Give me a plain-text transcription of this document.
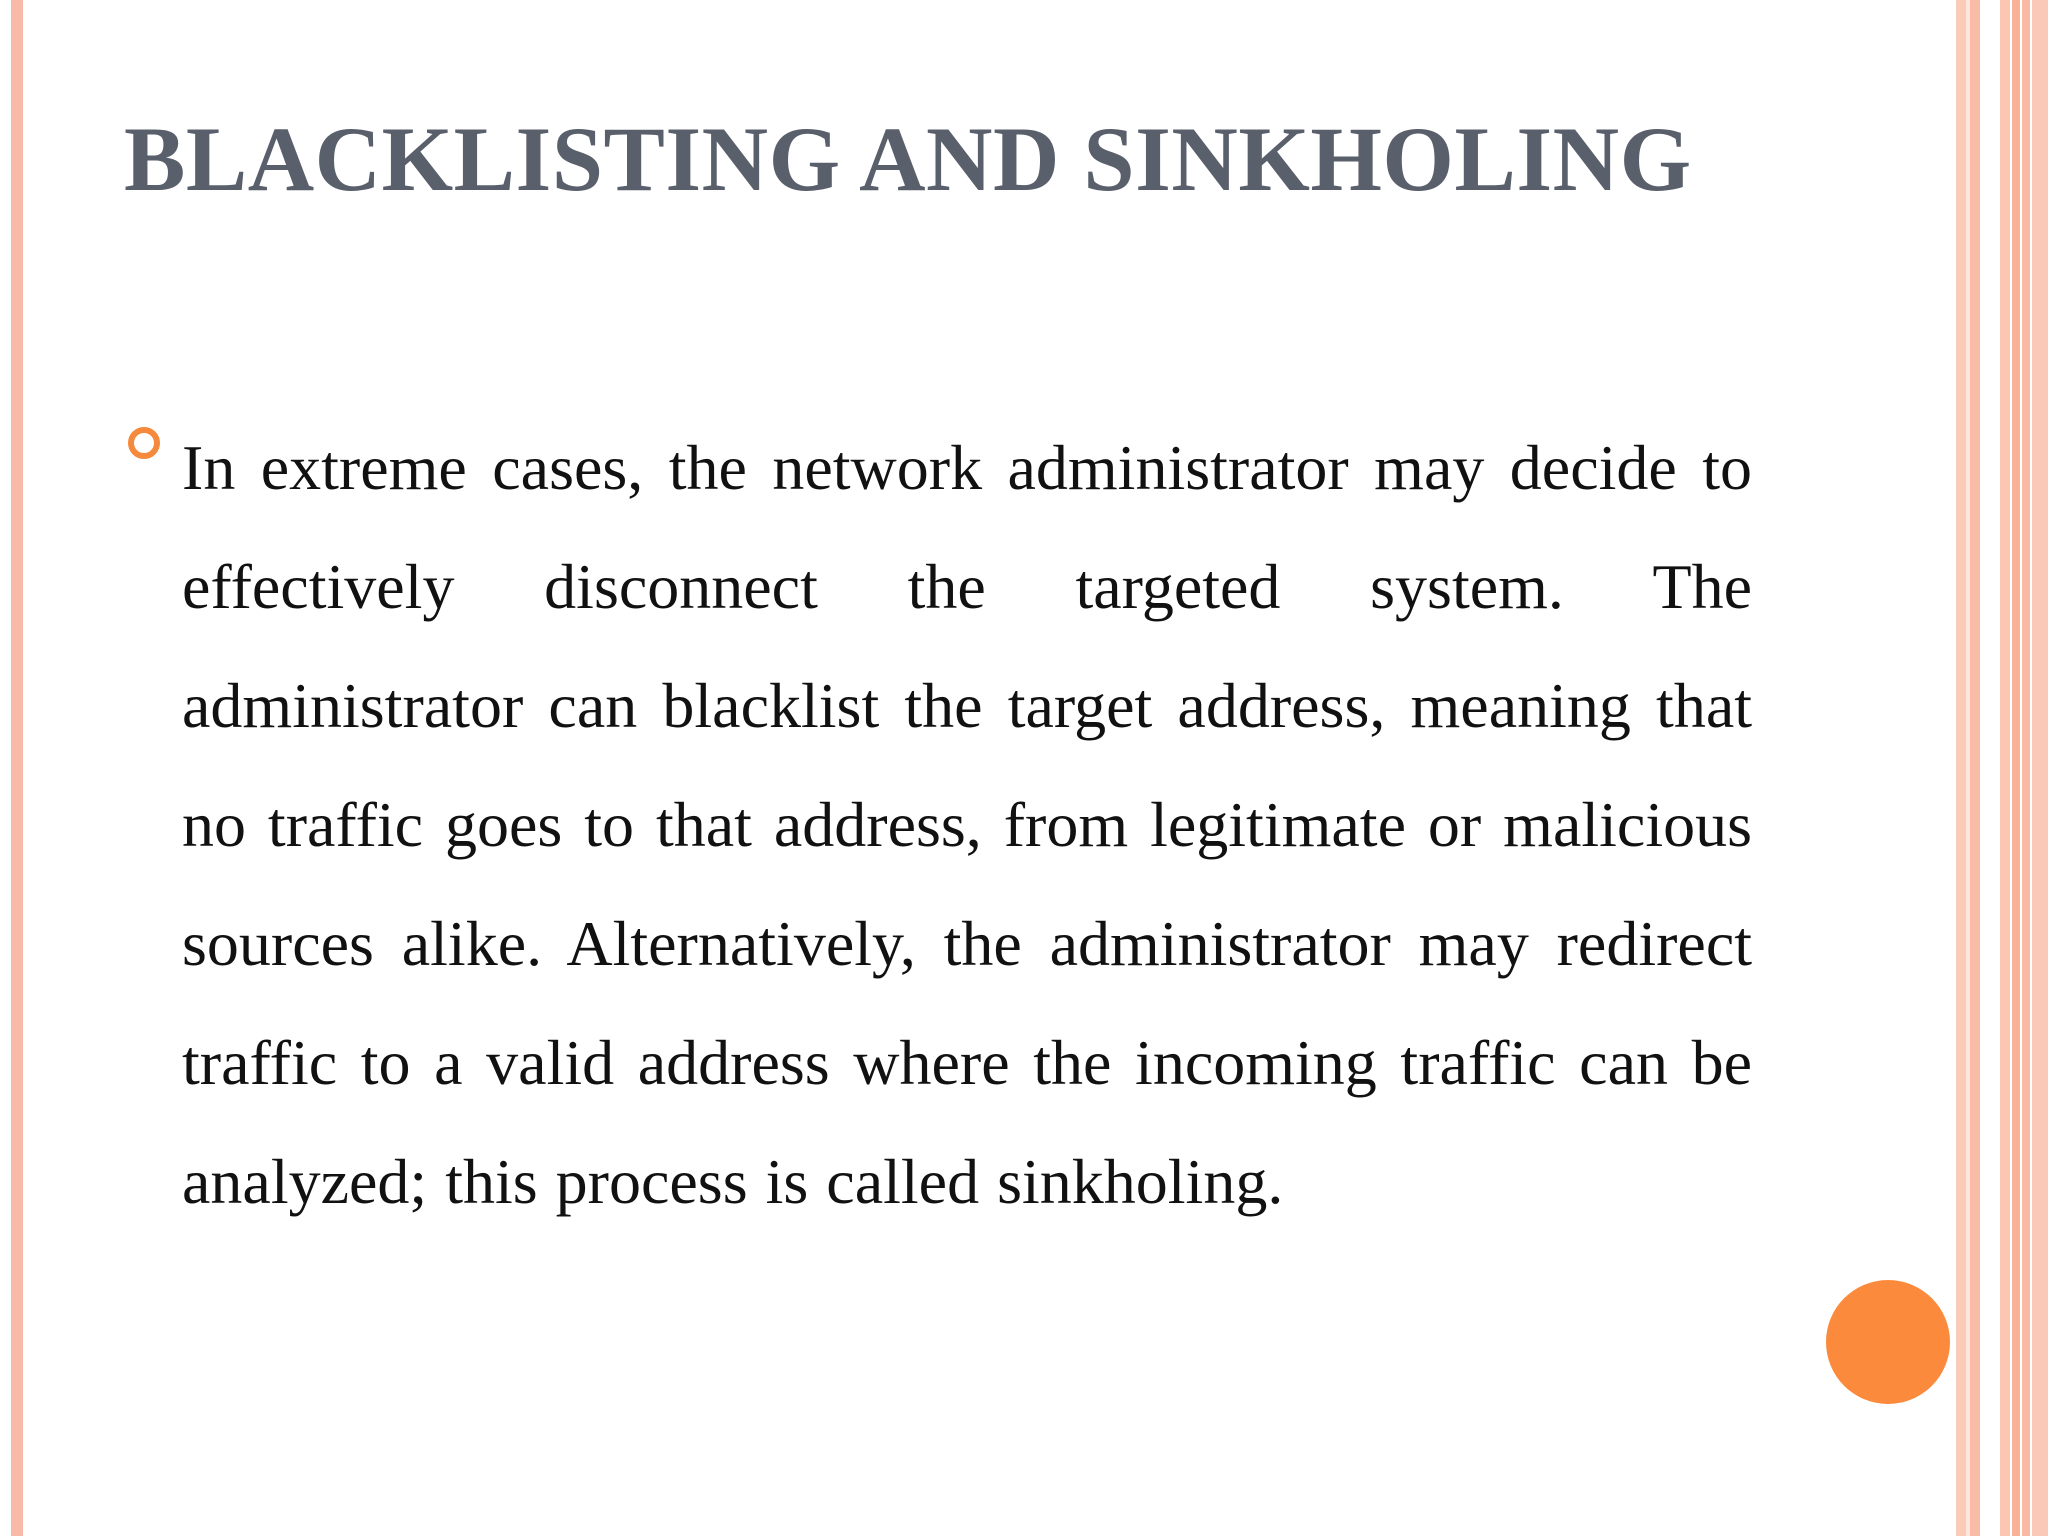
BLACKLISTING AND SINKHOLING

In extreme cases, the network administrator may decide to effectively disconnect the targeted system. The administrator can blacklist the target address, meaning that no traffic goes to that address, from legitimate or malicious sources alike. Alternatively, the administrator may redirect traffic to a valid address where the incoming traffic can be analyzed; this process is called sinkholing.
